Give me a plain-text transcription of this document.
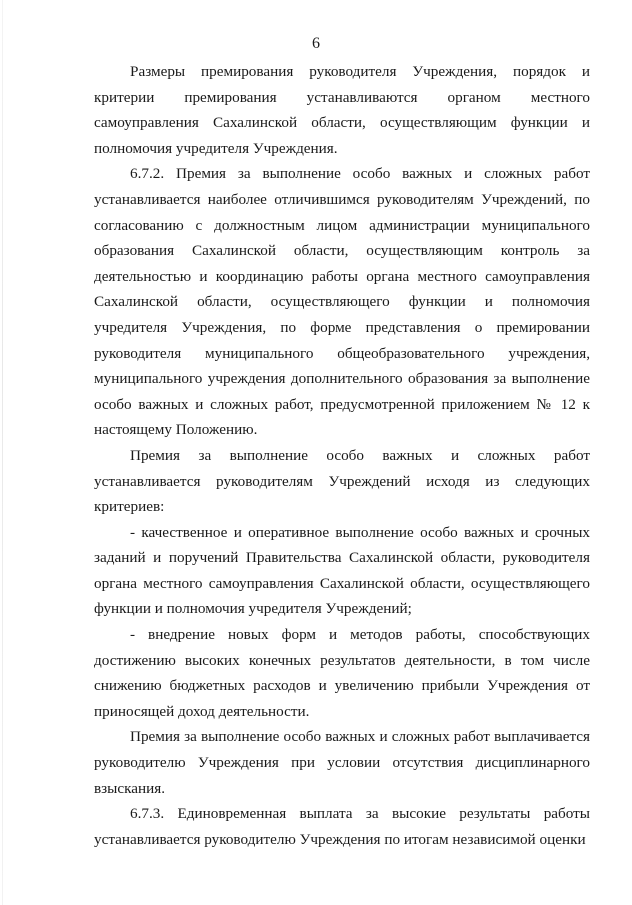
6

Размеры премирования руководителя Учреждения, порядок и критерии премирования устанавливаются органом местного самоуправления Сахалинской области, осуществляющим функции и полномочия учредителя Учреждения.

6.7.2. Премия за выполнение особо важных и сложных работ устанавливается наиболее отличившимся руководителям Учреждений, по согласованию с должностным лицом администрации муниципального образования Сахалинской области, осуществляющим контроль за деятельностью и координацию работы органа местного самоуправления Сахалинской области, осуществляющего функции и полномочия учредителя Учреждения, по форме представления о премировании руководителя муниципального общеобразовательного учреждения, муниципального учреждения дополнительного образования за выполнение особо важных и сложных работ, предусмотренной приложением № 12 к настоящему Положению.

Премия за выполнение особо важных и сложных работ устанавливается руководителям Учреждений исходя из следующих критериев:

- качественное и оперативное выполнение особо важных и срочных заданий и поручений Правительства Сахалинской области, руководителя органа местного самоуправления Сахалинской области, осуществляющего функции и полномочия учредителя Учреждений;

- внедрение новых форм и методов работы, способствующих достижению высоких конечных результатов деятельности, в том числе снижению бюджетных расходов и увеличению прибыли Учреждения от приносящей доход деятельности.

Премия за выполнение особо важных и сложных работ выплачивается руководителю Учреждения при условии отсутствия дисциплинарного взыскания.

6.7.3. Единовременная выплата за высокие результаты работы устанавливается руководителю Учреждения по итогам независимой оценки
